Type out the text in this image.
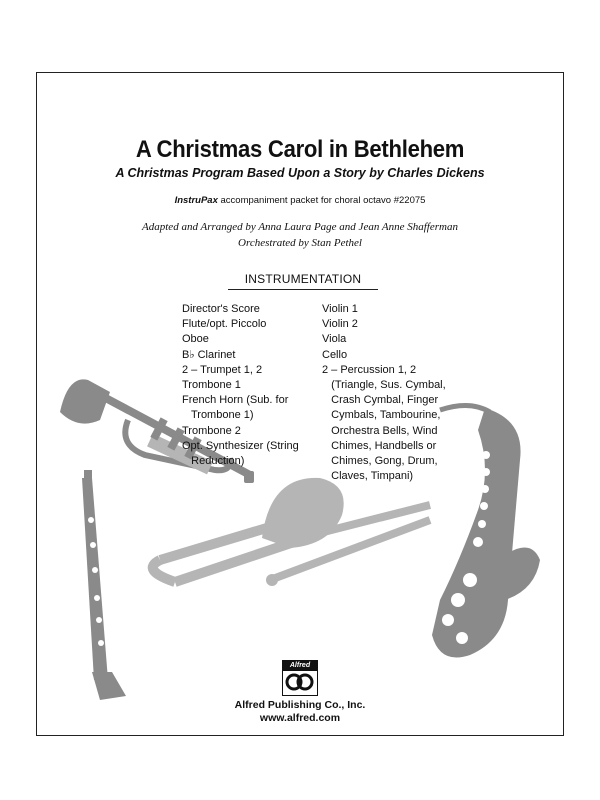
A Christmas Carol in Bethlehem
A Christmas Program Based Upon a Story by Charles Dickens
InstruPax accompaniment packet for choral octavo #22075
Adapted and Arranged by Anna Laura Page and Jean Anne Shafferman
Orchestrated by Stan Pethel
INSTRUMENTATION
Director's Score
Flute/opt. Piccolo
Oboe
B♭ Clarinet
2 – Trumpet 1, 2
Trombone 1
French Horn (Sub. for
Trombone 1)
Trombone 2
Opt. Synthesizer (String
Reduction)
Violin 1
Violin 2
Viola
Cello
2 – Percussion 1, 2
(Triangle, Sus. Cymbal,
Crash Cymbal, Finger
Cymbals, Tambourine,
Orchestra Bells, Wind
Chimes, Handbells or
Chimes, Gong, Drum,
Claves, Timpani)
Alfred
Alfred Publishing Co., Inc.
www.alfred.com
